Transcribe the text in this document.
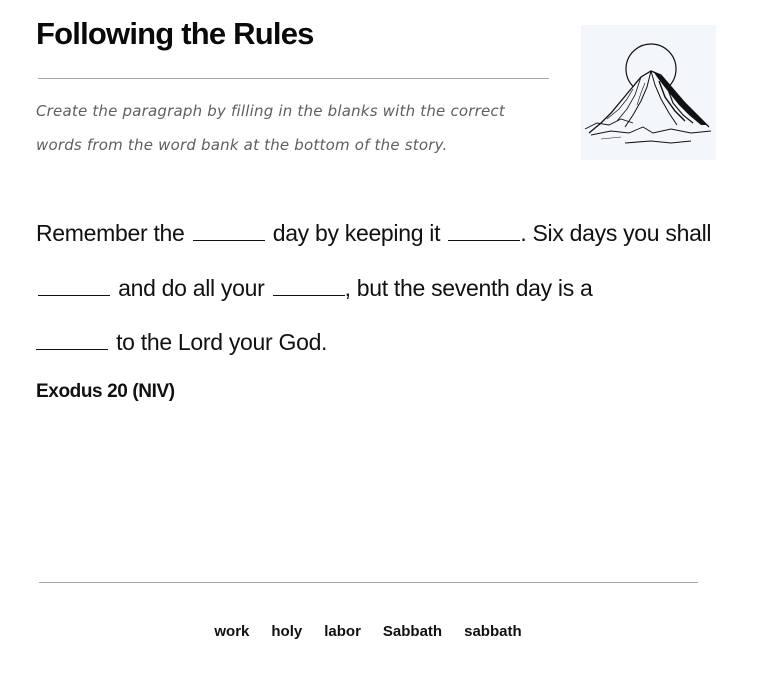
Following the Rules
Create the paragraph by filling in the blanks with the correct words from the word bank at the bottom of the story.
Remember the	day by keeping it	. Six days you shall  and do all your	, but the seventh day is a
to the Lord your God.
Exodus 20 (NIV)
work holy labor Sabbath sabbath
